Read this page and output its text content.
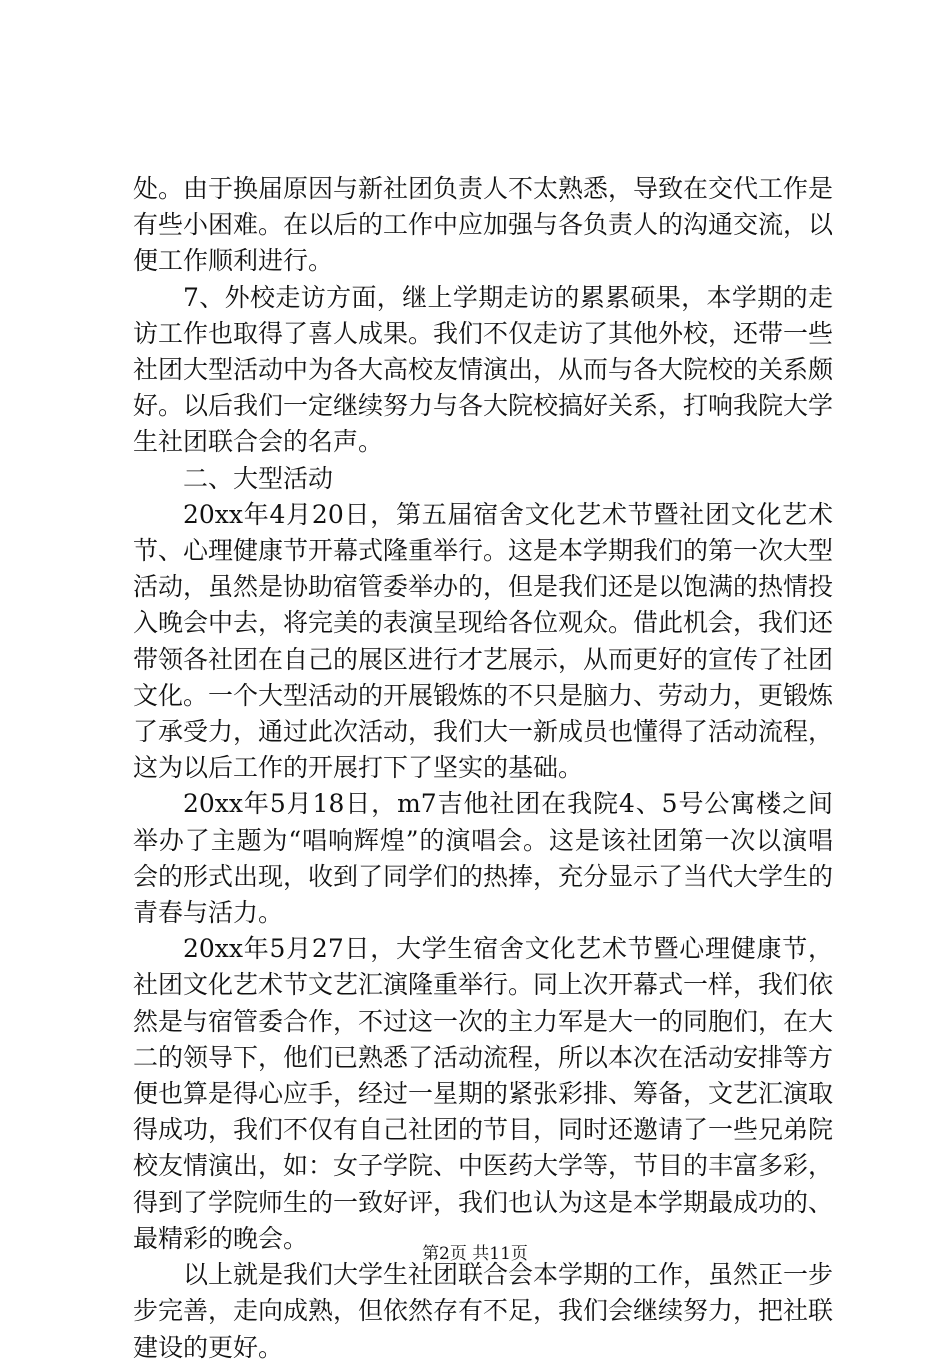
处。由于换届原因与新社团负责人不太熟悉，导致在交代工作是有些小困难。在以后的工作中应加强与各负责人的沟通交流，以便工作顺利进行。

7、外校走访方面，继上学期走访的累累硕果，本学期的走访工作也取得了喜人成果。我们不仅走访了其他外校，还带一些社团大型活动中为各大高校友情演出，从而与各大院校的关系颇好。以后我们一定继续努力与各大院校搞好关系，打响我院大学生社团联合会的名声。

二、大型活动

20xx年4月20日，第五届宿舍文化艺术节暨社团文化艺术节、心理健康节开幕式隆重举行。这是本学期我们的第一次大型活动，虽然是协助宿管委举办的，但是我们还是以饱满的热情投入晚会中去，将完美的表演呈现给各位观众。借此机会，我们还带领各社团在自己的展区进行才艺展示，从而更好的宣传了社团文化。一个大型活动的开展锻炼的不只是脑力、劳动力，更锻炼了承受力，通过此次活动，我们大一新成员也懂得了活动流程，这为以后工作的开展打下了坚实的基础。

20xx年5月18日，m7吉他社团在我院4、5号公寓楼之间举办了主题为“唱响辉煌”的演唱会。这是该社团第一次以演唱会的形式出现，收到了同学们的热捧，充分显示了当代大学生的青春与活力。

20xx年5月27日，大学生宿舍文化艺术节暨心理健康节，社团文化艺术节文艺汇演隆重举行。同上次开幕式一样，我们依然是与宿管委合作，不过这一次的主力军是大一的同胞们，在大二的领导下，他们已熟悉了活动流程，所以本次在活动安排等方便也算是得心应手，经过一星期的紧张彩排、筹备，文艺汇演取得成功，我们不仅有自己社团的节目，同时还邀请了一些兄弟院校友情演出，如：女子学院、中医药大学等，节目的丰富多彩，得到了学院师生的一致好评，我们也认为这是本学期最成功的、最精彩的晚会。

以上就是我们大学生社团联合会本学期的工作，虽然正一步步完善，走向成熟，但依然存有不足，我们会继续努力，把社联建设的更好。

第2页 共11页
